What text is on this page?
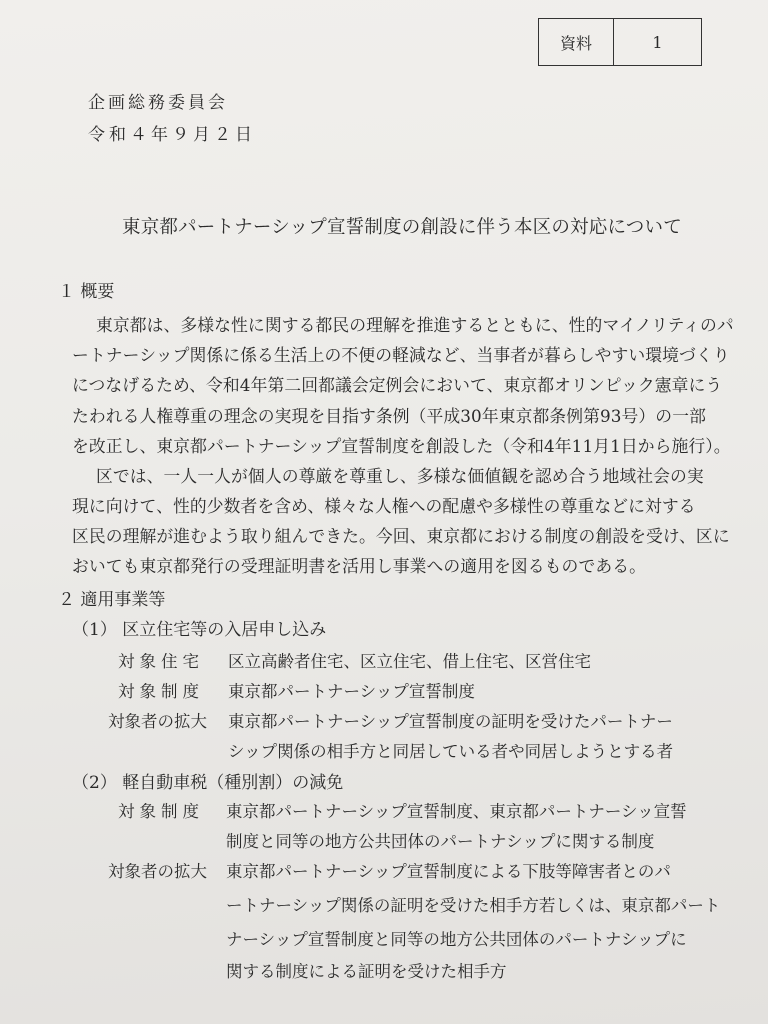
資料	1
企画総務委員会
令和４年９月２日
東京都パートナーシップ宣誓制度の創設に伴う本区の対応について
１ 概要
東京都は、多様な性に関する都民の理解を推進するとともに、性的マイノリティのパ
ートナーシップ関係に係る生活上の不便の軽減など、当事者が暮らしやすい環境づくり
につなげるため、令和4年第二回都議会定例会において、東京都オリンピック憲章にう
たわれる人権尊重の理念の実現を目指す条例（平成30年東京都条例第93号）の一部
を改正し、東京都パートナーシップ宣誓制度を創設した（令和4年11月1日から施行）。
区では、一人一人が個人の尊厳を尊重し、多様な価値観を認め合う地域社会の実
現に向けて、性的少数者を含め、様々な人権への配慮や多様性の尊重などに対する
区民の理解が進むよう取り組んできた。今回、東京都における制度の創設を受け、区に
おいても東京都発行の受理証明書を活用し事業への適用を図るものである。
２ 適用事業等
（1） 区立住宅等の入居申し込み
対象住宅 区立高齢者住宅、区立住宅、借上住宅、区営住宅
対象制度 東京都パートナーシップ宣誓制度
対象者の拡大 東京都パートナーシップ宣誓制度の証明を受けたパートナー
シップ関係の相手方と同居している者や同居しようとする者
（2） 軽自動車税（種別割）の減免
対象制度 東京都パートナーシップ宣誓制度、東京都パートナーシッ宣誓
制度と同等の地方公共団体のパートナシップに関する制度
対象者の拡大 東京都パートナーシップ宣誓制度による下肢等障害者とのパ
ートナーシップ関係の証明を受けた相手方若しくは、東京都パート
ナーシップ宣誓制度と同等の地方公共団体のパートナシップに
関する制度による証明を受けた相手方
